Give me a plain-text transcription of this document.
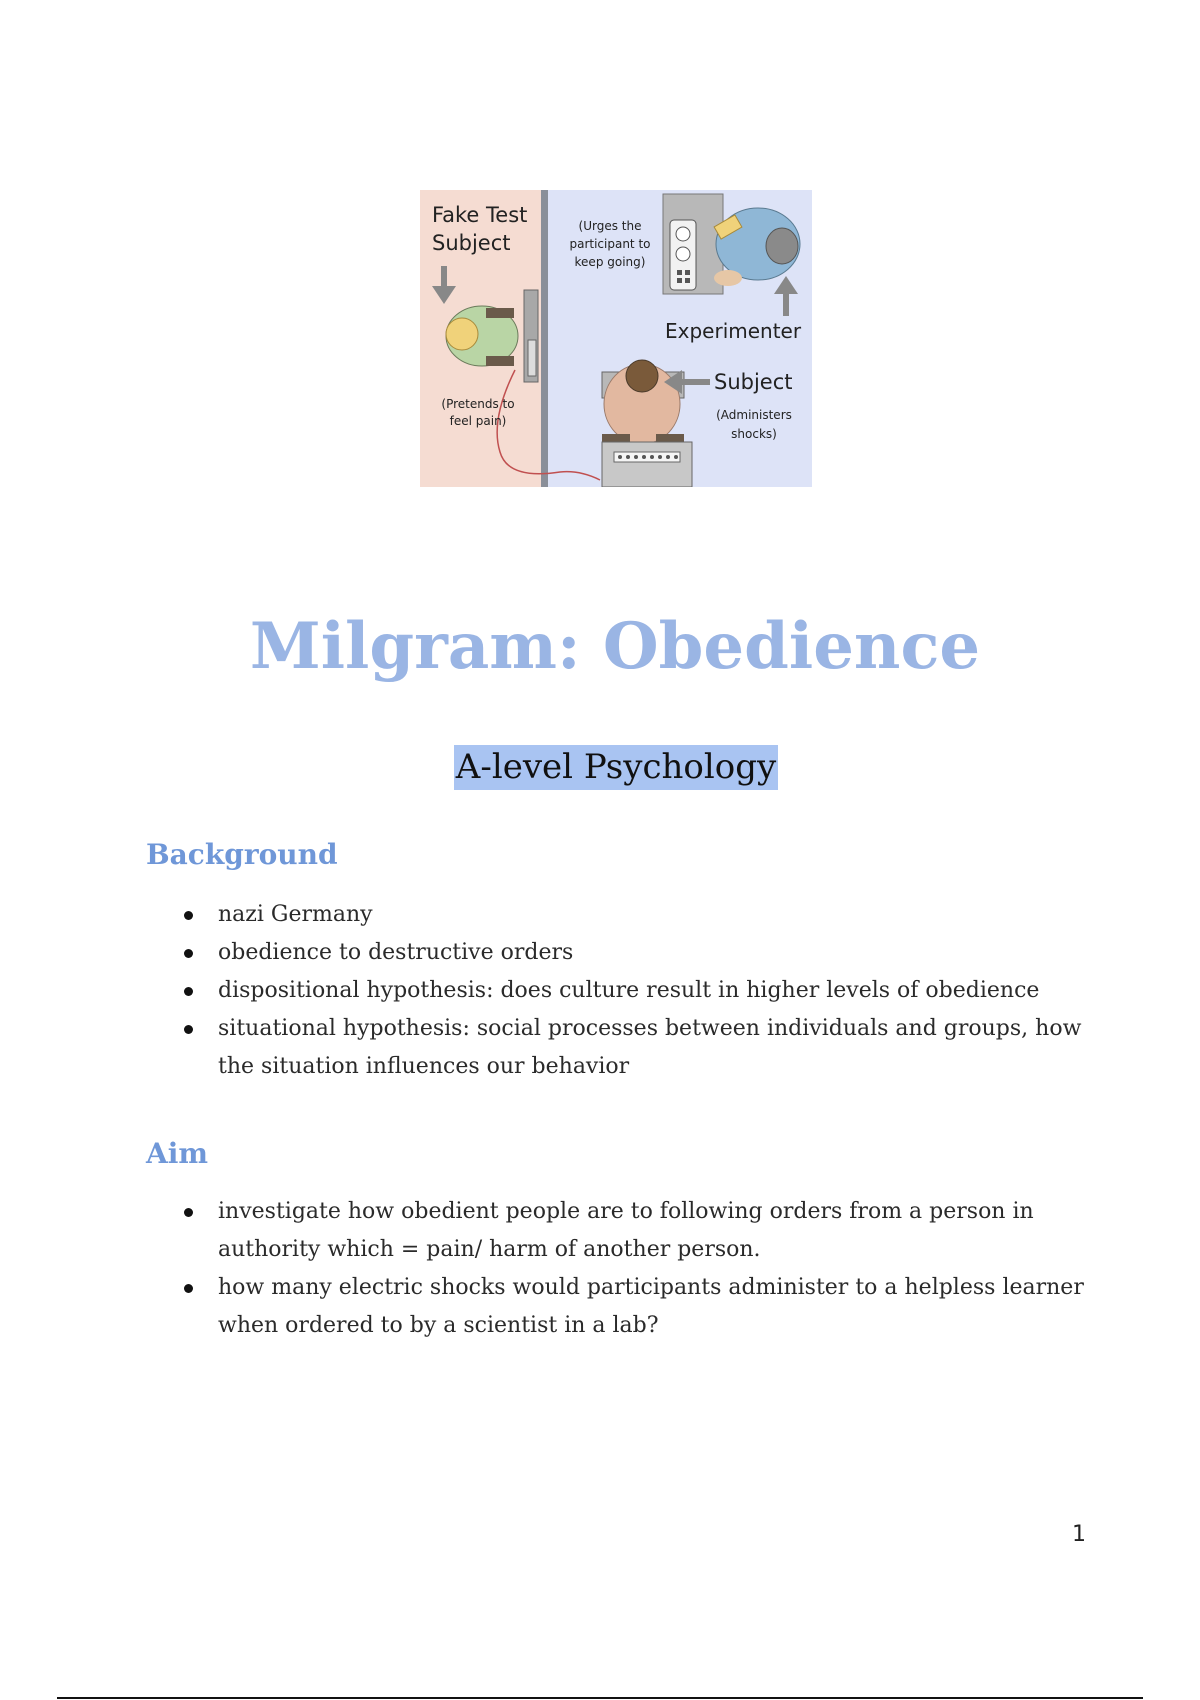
Fake Test
Subject
(Pretends to
feel pain)
(Urges the
participant to
keep going)
Experimenter
Subject
(Administers
shocks)
Milgram: Obedience
A-level Psychology
Background
nazi Germany
obedience to destructive orders
dispositional hypothesis: does culture result in higher levels of obedience
situational hypothesis: social processes between individuals and groups, how the situation influences our behavior
Aim
investigate how obedient people are to following orders from a person in authority which = pain/ harm of another person.
how many electric shocks would participants administer to a helpless learner when ordered to by a scientist in a lab?
1
